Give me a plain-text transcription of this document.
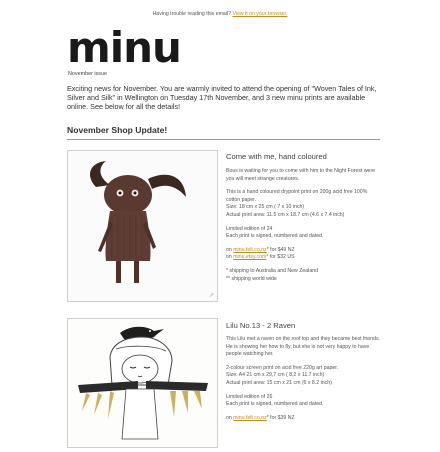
Having trouble reading this email? View it on your browser.
minu
November issue
Exciting news for November. You are warmly invited to attend the opening of "Woven Tales of Ink, Silver and Silk" in Wellington on Tuesday 17th November, and 3 new minu prints are available online. See below for all the details!
November Shop Update!
↗
Come with me, hand coloured

Bous is waiting for you to come with him to the Night Forest were you will meet strange creatures.

This is a hand coloured drypoint print on 200g acid free 100% cotton paper.
Size: 18 cm x 25 cm ( 7 x 10 inch)
Actual print area: 11.5 cm x 18.7 cm (4.6 x 7.4 inch)

Limited edition of 24
Each print is signed, numbered and dated.

on minu.felt.co.nz* for $49 NZ
on minu.etsy.com* for $32 US

* shipping to Australia and New Zealand
** shipping world wide

Lilu No.13 - 2 Raven

This Lilu met a raven on the roof top and they became best friends. He is showing her how to fly, but she is not very happy to have people watching her.

2-colour screen print on acid free 220g art paper.
Size: A4 21 cm x 29,7 cm ( 8,2 x 11.7 inch)
Actual print area: 15 cm x 21 cm (6 x 8.2 inch)

Limited edition of 26
Each print is signed, numbered and dated.

on minu.felt.co.nz* for $39 NZ
